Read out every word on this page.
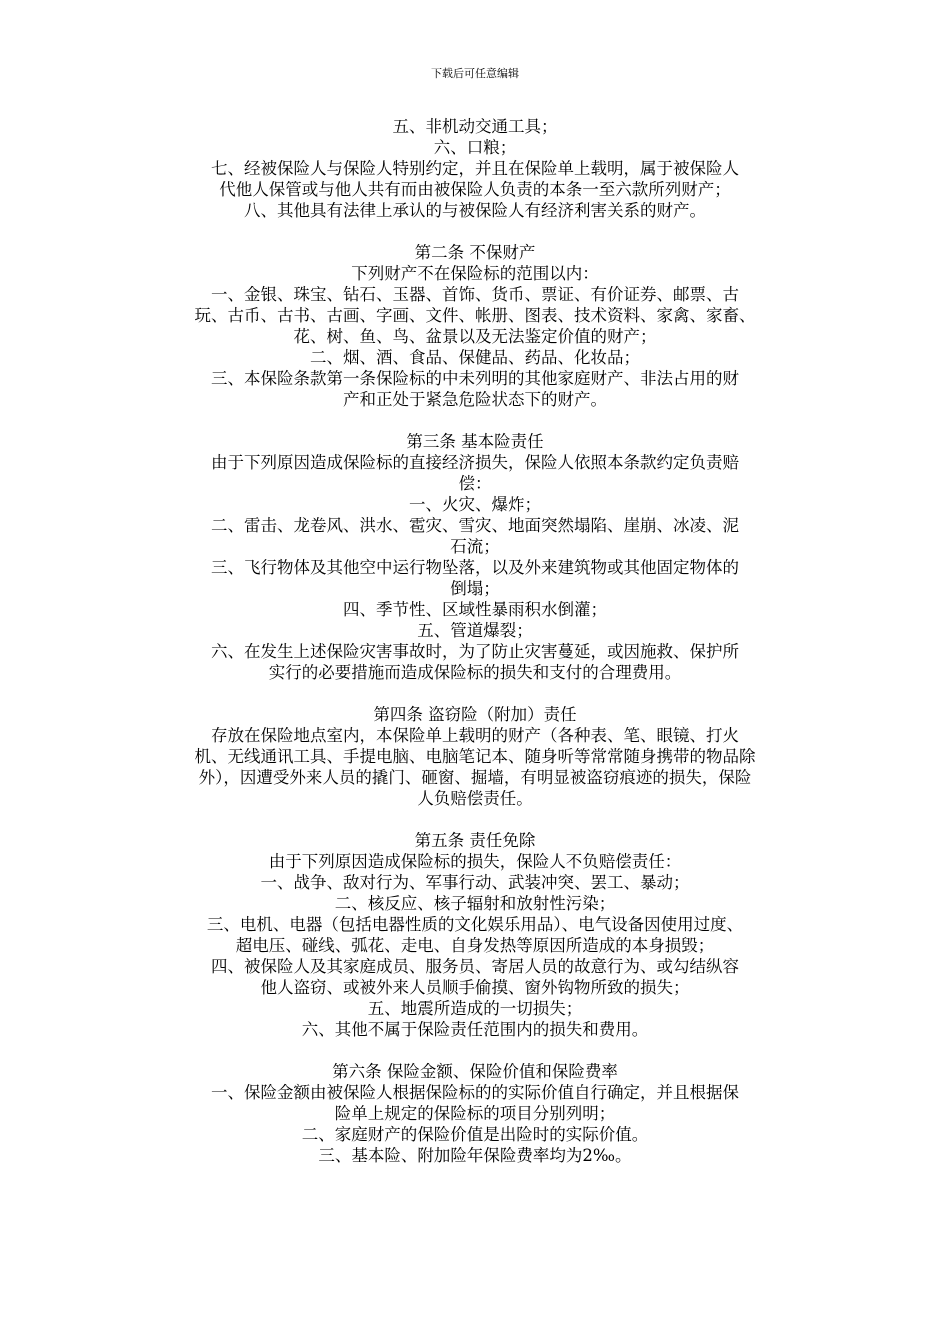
下载后可任意编辑
五、非机动交通工具；
六、口粮；
七、经被保险人与保险人特别约定，并且在保险单上载明，属于被保险人
代他人保管或与他人共有而由被保险人负责的本条一至六款所列财产；
八、其他具有法律上承认的与被保险人有经济利害关系的财产。
第二条 不保财产
下列财产不在保险标的范围以内：
一、金银、珠宝、钻石、玉器、首饰、货币、票证、有价证券、邮票、古
玩、古币、古书、古画、字画、文件、帐册、图表、技术资料、家禽、家畜、
花、树、鱼、鸟、盆景以及无法鉴定价值的财产；
二、烟、酒、食品、保健品、药品、化妆品；
三、本保险条款第一条保险标的中未列明的其他家庭财产、非法占用的财
产和正处于紧急危险状态下的财产。
第三条 基本险责任
由于下列原因造成保险标的直接经济损失，保险人依照本条款约定负责赔
偿：
一、火灾、爆炸；
二、雷击、龙卷风、洪水、雹灾、雪灾、地面突然塌陷、崖崩、冰凌、泥
石流；
三、飞行物体及其他空中运行物坠落，以及外来建筑物或其他固定物体的
倒塌；
四、季节性、区域性暴雨积水倒灌；
五、管道爆裂；
六、在发生上述保险灾害事故时，为了防止灾害蔓延，或因施救、保护所
实行的必要措施而造成保险标的损失和支付的合理费用。
第四条 盗窃险（附加）责任
存放在保险地点室内，本保险单上载明的财产（各种表、笔、眼镜、打火
机、无线通讯工具、手提电脑、电脑笔记本、随身听等常常随身携带的物品除
外），因遭受外来人员的撬门、砸窗、掘墙，有明显被盗窃痕迹的损失，保险
人负赔偿责任。
第五条 责任免除
由于下列原因造成保险标的损失，保险人不负赔偿责任：
一、战争、敌对行为、军事行动、武装冲突、罢工、暴动；
二、核反应、核子辐射和放射性污染；
三、电机、电器（包括电器性质的文化娱乐用品）、电气设备因使用过度、
超电压、碰线、弧花、走电、自身发热等原因所造成的本身损毁；
四、被保险人及其家庭成员、服务员、寄居人员的故意行为、或勾结纵容
他人盗窃、或被外来人员顺手偷摸、窗外钩物所致的损失；
五、地震所造成的一切损失；
六、其他不属于保险责任范围内的损失和费用。
第六条 保险金额、保险价值和保险费率
一、保险金额由被保险人根据保险标的的实际价值自行确定，并且根据保
险单上规定的保险标的项目分别列明；
二、家庭财产的保险价值是出险时的实际价值。
三、基本险、附加险年保险费率均为2‰。
